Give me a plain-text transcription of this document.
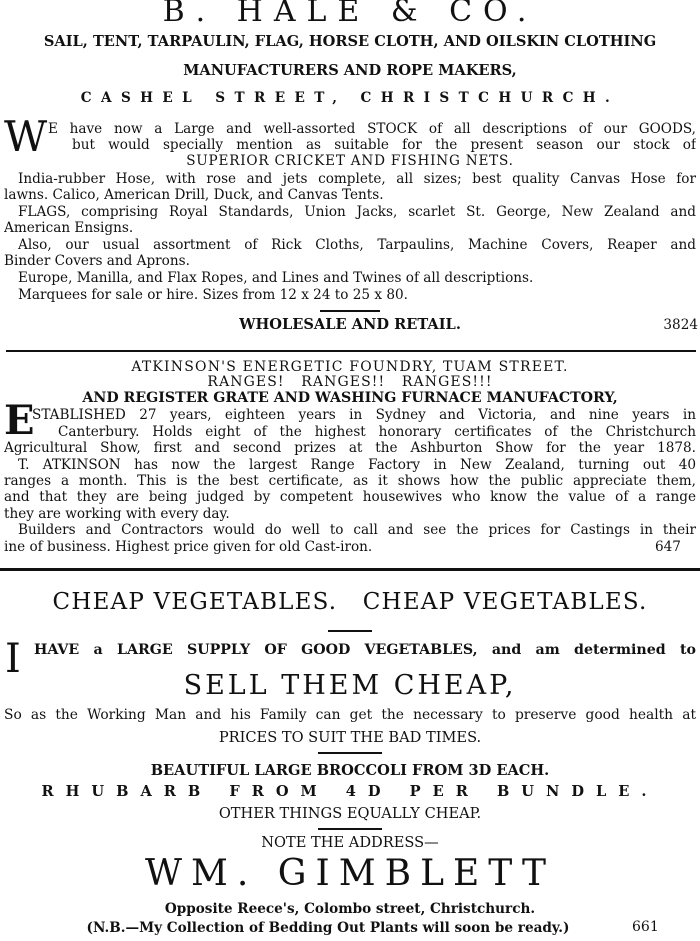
B. HALE & CO.
SAIL, TENT, TARPAULIN, FLAG, HORSE CLOTH, AND OILSKIN CLOTHING
MANUFACTURERS AND ROPE MAKERS,
CASHEL STREET, CHRISTCHURCH.
W E have now a Large and well-assorted STOCK of all descriptions of our GOODS,
but would specially mention as suitable for the present season our stock of
SUPERIOR CRICKET AND FISHING NETS.
India-rubber Hose, with rose and jets complete, all sizes; best quality Canvas Hose for
lawns. Calico, American Drill, Duck, and Canvas Tents.
FLAGS, comprising Royal Standards, Union Jacks, scarlet St. George, New Zealand and
American Ensigns.
Also, our usual assortment of Rick Cloths, Tarpaulins, Machine Covers, Reaper and
Binder Covers and Aprons.
Europe, Manilla, and Flax Ropes, and Lines and Twines of all descriptions.
Marquees for sale or hire. Sizes from 12 x 24 to 25 x 80.
WHOLESALE AND RETAIL.	3824
ATKINSON'S ENERGETIC FOUNDRY, TUAM STREET.
RANGES!   RANGES!!   RANGES!!!
AND REGISTER GRATE AND WASHING FURNACE MANUFACTORY,
E
STABLISHED 27 years, eighteen years in Sydney and Victoria, and nine years in
Canterbury. Holds eight of the highest honorary certificates of the Christchurch
Agricultural Show, first and second prizes at the Ashburton Show for the year 1878.
T. ATKINSON has now the largest Range Factory in New Zealand, turning out 40
ranges a month. This is the best certificate, as it shows how the public appreciate them,
and that they are being judged by competent housewives who know the value of a range
they are working with every day.
Builders and Contractors would do well to call and see the prices for Castings in their
ine of business. Highest price given for old Cast-iron.	647
CHEAP VEGETABLES.   CHEAP VEGETABLES.
I HAVE a LARGE SUPPLY OF GOOD VEGETABLES, and am determined to
SELL THEM CHEAP,
So as the Working Man and his Family can get the necessary to preserve good health at
PRICES TO SUIT THE BAD TIMES.
BEAUTIFUL LARGE BROCCOLI FROM 3D EACH.
RHUBARB FROM 4D PER BUNDLE.
OTHER THINGS EQUALLY CHEAP.
NOTE THE ADDRESS—
WM. GIMBLETT
Opposite Reece's, Colombo street, Christchurch.
(N.B.—My Collection of Bedding Out Plants will soon be ready.)	661
